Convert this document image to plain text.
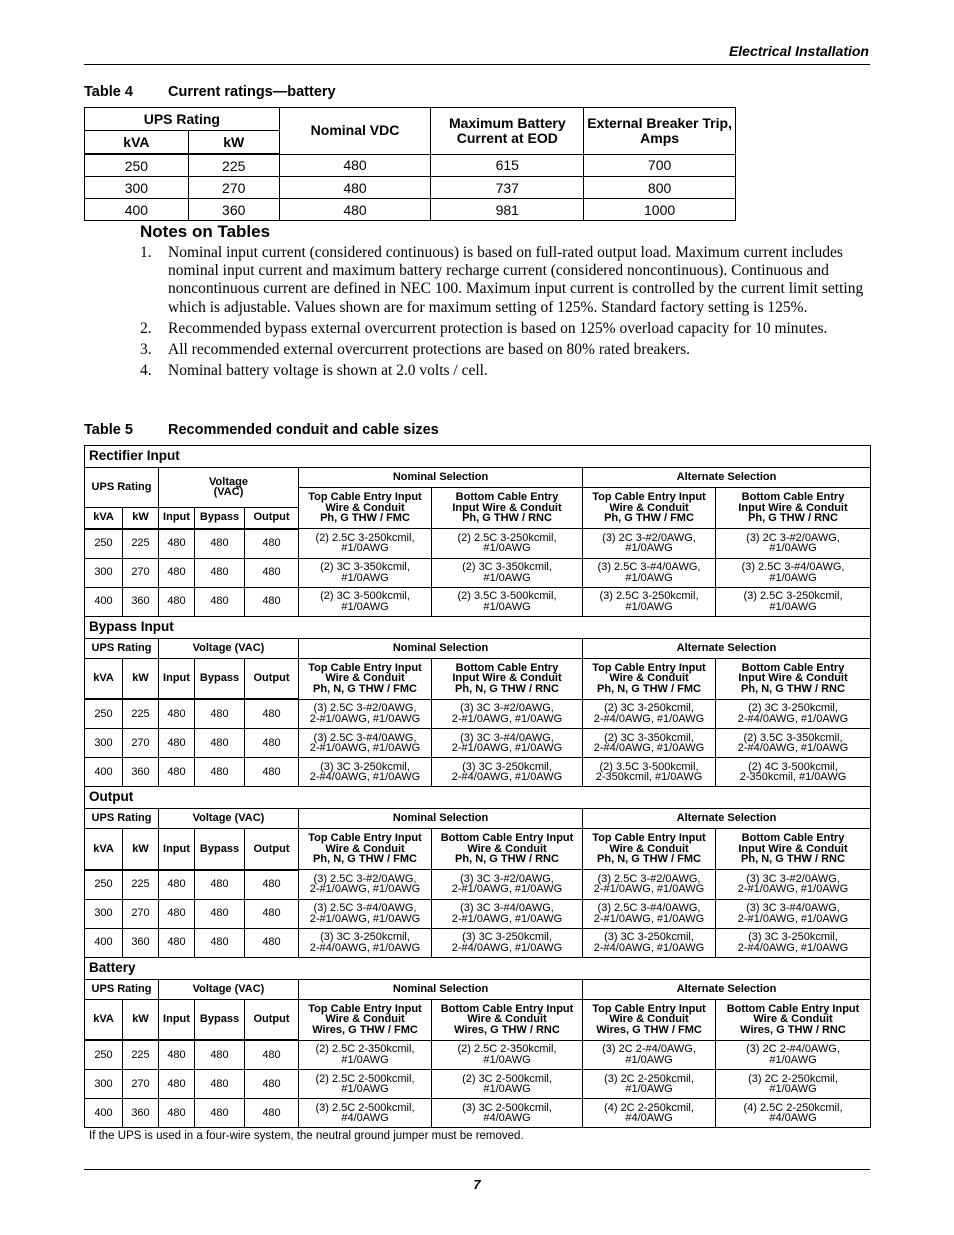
Electrical Installation
Table 4 Current ratings—battery
UPS Rating		Nominal VDC	Maximum Battery Current at EOD	External Breaker Trip, Amps
kVA	kW			
250	225	480	615	700
300	270	480	737	800
400	360	480	981	1000
Notes on Tables
1. Nominal input current (considered continuous) is based on full-rated output load. Maximum current includes nominal input current and maximum battery recharge current (considered noncontinuous). Continuous and noncontinuous current are defined in NEC 100. Maximum input current is controlled by the current limit setting which is adjustable. Values shown are for maximum setting of 125%. Standard factory setting is 125%.
2. Recommended bypass external overcurrent protection is based on 125% overload capacity for 10 minutes.
3. All recommended external overcurrent protections are based on 80% rated breakers.
4. Nominal battery voltage is shown at 2.0 volts / cell.
Table 5 Recommended conduit and cable sizes
Rectifier Input								
UPS Rating		Voltage
(VAC)			Nominal Selection		Alternate Selection	
					Top Cable Entry Input
Wire & Conduit
Ph, G THW / FMC	Bottom Cable Entry
Input Wire & Conduit
Ph, G THW / RNC	Top Cable Entry Input
Wire & Conduit
Ph, G THW / FMC	Bottom Cable Entry
Input Wire & Conduit
Ph, G THW / RNC
kVA	kW	Input	Bypass	Output				
250	225	480	480	480	(2) 2.5C 3-250kcmil,
#1/0AWG	(2) 2.5C 3-250kcmil,
#1/0AWG	(3) 2C 3-#2/0AWG,
#1/0AWG	(3) 2C 3-#2/0AWG,
#1/0AWG
300	270	480	480	480	(2) 3C 3-350kcmil,
#1/0AWG	(2) 3C 3-350kcmil,
#1/0AWG	(3) 2.5C 3-#4/0AWG,
#1/0AWG	(3) 2.5C 3-#4/0AWG,
#1/0AWG
400	360	480	480	480	(2) 3C 3-500kcmil,
#1/0AWG	(2) 3.5C 3-500kcmil,
#1/0AWG	(3) 2.5C 3-250kcmil,
#1/0AWG	(3) 2.5C 3-250kcmil,
#1/0AWG
Bypass Input								
UPS Rating		Voltage (VAC)			Nominal Selection		Alternate Selection	
					Top Cable Entry Input
Wire & Conduit
Ph, N, G THW / FMC	Bottom Cable Entry
Input Wire & Conduit
Ph, N, G THW / RNC	Top Cable Entry Input
Wire & Conduit
Ph, N, G THW / FMC	Bottom Cable Entry
Input Wire & Conduit
Ph, N, G THW / RNC
kVA	kW	Input	Bypass	Output				
250	225	480	480	480	(3) 2.5C 3-#2/0AWG,
2-#1/0AWG, #1/0AWG	(3) 3C 3-#2/0AWG,
2-#1/0AWG, #1/0AWG	(2) 3C 3-250kcmil,
2-#4/0AWG, #1/0AWG	(2) 3C 3-250kcmil,
2-#4/0AWG, #1/0AWG
300	270	480	480	480	(3) 2.5C 3-#4/0AWG,
2-#1/0AWG, #1/0AWG	(3) 3C 3-#4/0AWG,
2-#1/0AWG, #1/0AWG	(2) 3C 3-350kcmil,
2-#4/0AWG, #1/0AWG	(2) 3.5C 3-350kcmil,
2-#4/0AWG, #1/0AWG
400	360	480	480	480	(3) 3C 3-250kcmil,
2-#4/0AWG, #1/0AWG	(3) 3C 3-250kcmil,
2-#4/0AWG, #1/0AWG	(2) 3.5C 3-500kcmil,
2-350kcmil, #1/0AWG	(2) 4C 3-500kcmil,
2-350kcmil, #1/0AWG
Output								
UPS Rating		Voltage (VAC)			Nominal Selection		Alternate Selection	
					Top Cable Entry Input
Wire & Conduit
Ph, N, G THW / FMC	Bottom Cable Entry Input
Wire & Conduit
Ph, N, G THW / RNC	Top Cable Entry Input
Wire & Conduit
Ph, N, G THW / FMC	Bottom Cable Entry
Input Wire & Conduit
Ph, N, G THW / RNC
kVA	kW	Input	Bypass	Output				
250	225	480	480	480	(3) 2.5C 3-#2/0AWG,
2-#1/0AWG, #1/0AWG	(3) 3C 3-#2/0AWG,
2-#1/0AWG, #1/0AWG	(3) 2.5C 3-#2/0AWG,
2-#1/0AWG, #1/0AWG	(3) 3C 3-#2/0AWG,
2-#1/0AWG, #1/0AWG
300	270	480	480	480	(3) 2.5C 3-#4/0AWG,
2-#1/0AWG, #1/0AWG	(3) 3C 3-#4/0AWG,
2-#1/0AWG, #1/0AWG	(3) 2.5C 3-#4/0AWG,
2-#1/0AWG, #1/0AWG	(3) 3C 3-#4/0AWG,
2-#1/0AWG, #1/0AWG
400	360	480	480	480	(3) 3C 3-250kcmil,
2-#4/0AWG, #1/0AWG	(3) 3C 3-250kcmil,
2-#4/0AWG, #1/0AWG	(3) 3C 3-250kcmil,
2-#4/0AWG, #1/0AWG	(3) 3C 3-250kcmil,
2-#4/0AWG, #1/0AWG
Battery								
UPS Rating		Voltage (VAC)			Nominal Selection		Alternate Selection	
					Top Cable Entry Input
Wire & Conduit
Wires, G THW / FMC	Bottom Cable Entry Input
Wire & Conduit
Wires, G THW / RNC	Top Cable Entry Input
Wire & Conduit
Wires, G THW / FMC	Bottom Cable Entry Input
Wire & Conduit
Wires, G THW / RNC
kVA	kW	Input	Bypass	Output				
250	225	480	480	480	(2) 2.5C 2-350kcmil,
#1/0AWG	(2) 2.5C 2-350kcmil,
#1/0AWG	(3) 2C 2-#4/0AWG,
#1/0AWG	(3) 2C 2-#4/0AWG,
#1/0AWG
300	270	480	480	480	(2) 2.5C 2-500kcmil,
#1/0AWG	(2) 3C 2-500kcmil,
#1/0AWG	(3) 2C 2-250kcmil,
#1/0AWG	(3) 2C 2-250kcmil,
#1/0AWG
400	360	480	480	480	(3) 2.5C 2-500kcmil,
#4/0AWG	(3) 3C 2-500kcmil,
#4/0AWG	(4) 2C 2-250kcmil,
#4/0AWG	(4) 2.5C 2-250kcmil,
#4/0AWG
If the UPS is used in a four-wire system, the neutral ground jumper must be removed.
7
